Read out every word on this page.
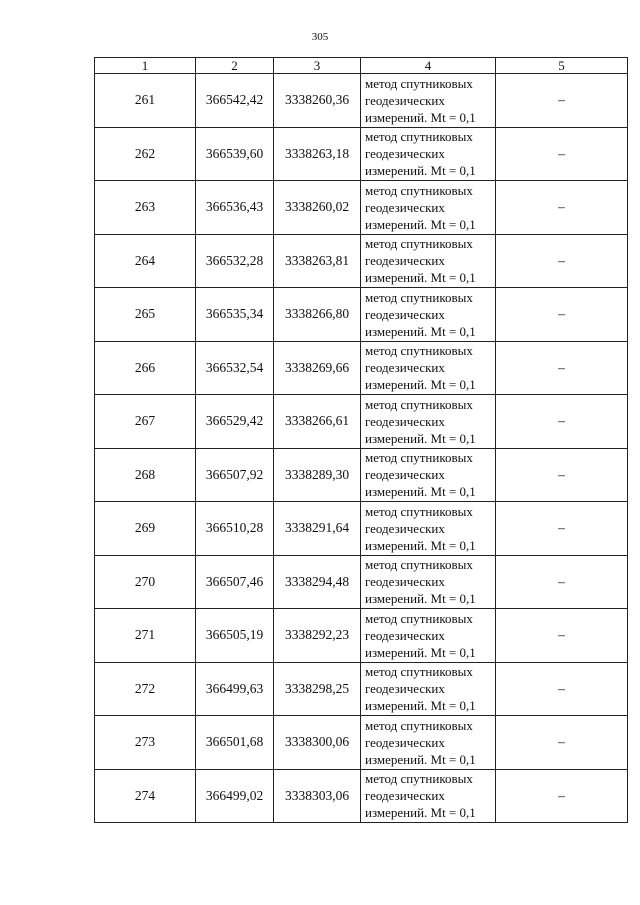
305
1	2	3	4	5
261	366542,42	3338260,36	метод спутниковых
геодезических
измерений. Mt = 0,1	–
262	366539,60	3338263,18	метод спутниковых
геодезических
измерений. Mt = 0,1	–
263	366536,43	3338260,02	метод спутниковых
геодезических
измерений. Mt = 0,1	–
264	366532,28	3338263,81	метод спутниковых
геодезических
измерений. Mt = 0,1	–
265	366535,34	3338266,80	метод спутниковых
геодезических
измерений. Mt = 0,1	–
266	366532,54	3338269,66	метод спутниковых
геодезических
измерений. Mt = 0,1	–
267	366529,42	3338266,61	метод спутниковых
геодезических
измерений. Mt = 0,1	–
268	366507,92	3338289,30	метод спутниковых
геодезических
измерений. Mt = 0,1	–
269	366510,28	3338291,64	метод спутниковых
геодезических
измерений. Mt = 0,1	–
270	366507,46	3338294,48	метод спутниковых
геодезических
измерений. Mt = 0,1	–
271	366505,19	3338292,23	метод спутниковых
геодезических
измерений. Mt = 0,1	–
272	366499,63	3338298,25	метод спутниковых
геодезических
измерений. Mt = 0,1	–
273	366501,68	3338300,06	метод спутниковых
геодезических
измерений. Mt = 0,1	–
274	366499,02	3338303,06	метод спутниковых
геодезических
измерений. Mt = 0,1	–
